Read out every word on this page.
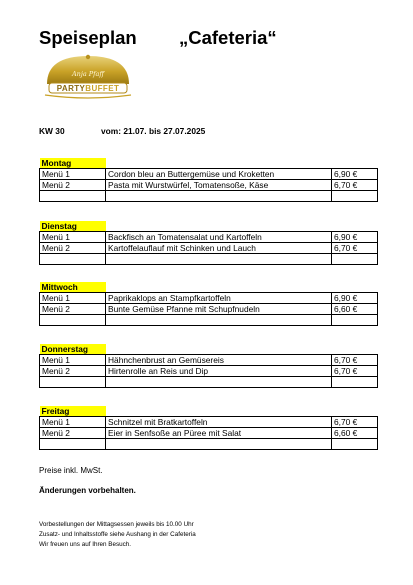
Speiseplan „Cafeteria“
Anja Pfaff
PARTYBUFFET
KW 30	vom: 21.07. bis 27.07.2025
Montag		

Menü 1	Cordon bleu an Buttergemüse und Kroketten	6,90 €
Menü 2	Pasta mit Wurstwürfel, Tomatensoße, Käse	6,70 €

Dienstag		

Menü 1	Backfisch an Tomatensalat und Kartoffeln	6,90 €
Menü 2	Kartoffelauflauf mit Schinken und Lauch	6,70 €

Mittwoch		

Menü 1	Paprikaklops an Stampfkartoffeln	6,90 €
Menü 2	Bunte Gemüse Pfanne mit Schupfnudeln	6,60 €

Donnerstag		

Menü 1	Hähnchenbrust an Gemüsereis	6,70 €
Menü 2	Hirtenrolle an Reis und Dip	6,70 €

Freitag		

Menü 1	Schnitzel mit Bratkartoffeln	6,70 €
Menü 2	Eier in Senfsoße an Püree mit Salat	6,60 €

Preise inkl. MwSt.
Änderungen vorbehalten.
Vorbestellungen der Mittagsessen jeweils bis 10.00 Uhr
Zusatz- und Inhaltsstoffe siehe Aushang in der Cafeteria
Wir freuen uns auf Ihren Besuch.
